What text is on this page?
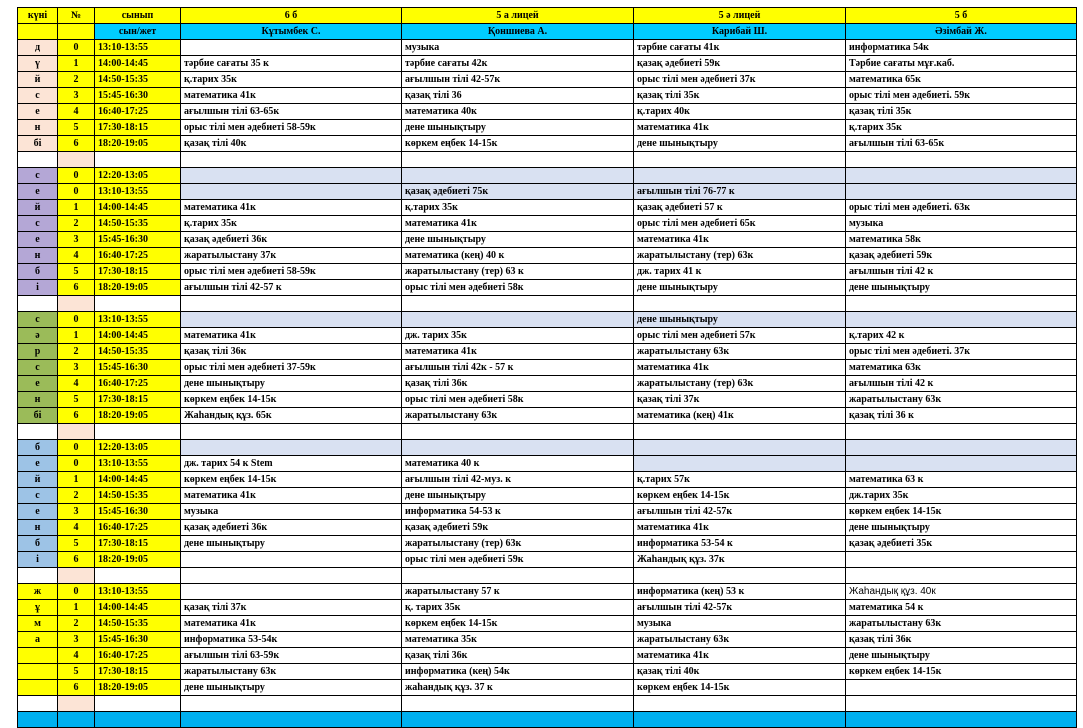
күні	№	сынып	6 б	5 а лицей	5 ә лицей	5 б
		сын/жет	Кұтымбек С.	Қоншиева А.	Карибай Ш.	Әзімбай Ж.
д	0	13:10-13:55		музыка	тәрбие сағаты 41к	информатика 54к
ү	1	14:00-14:45	тәрбие сағаты 35 к	тәрбие сағаты 42к	қазақ әдебиеті 59к	Тәрбие сағаты мұғ.каб.
й	2	14:50-15:35	қ.тарих 35к	ағылшын тілі 42-57к	орыс тілі мен әдебиеті 37к	математика 65к
с	3	15:45-16:30	математика 41к	қазақ тілі 36	қазақ тілі 35к	орыс тілі мен әдебиеті. 59к
е	4	16:40-17:25	ағылшын тілі 63-65к	математика 40к	қ.тарих 40к	қазақ тілі 35к
н	5	17:30-18:15	орыс тілі мен әдебиеті 58-59к	дене шынықтыру	математика 41к	қ.тарих 35к
бі	6	18:20-19:05	қазақ тілі 40к	көркем еңбек 14-15к	дене шынықтыру	ағылшын тілі 63-65к

с	0	12:20-13:05				
е	0	13:10-13:55		қазақ әдебиеті 75к	ағылшын тілі 76-77 к	
й	1	14:00-14:45	математика 41к	қ.тарих 35к	қазақ әдебиеті 57 к	орыс тілі мен әдебиеті. 63к
с	2	14:50-15:35	қ.тарих 35к	математика 41к	орыс тілі мен әдебиеті 65к	музыка
е	3	15:45-16:30	қазақ әдебиеті 36к	дене шынықтыру	математика 41к	математика 58к
н	4	16:40-17:25	жаратылыстану 37к	математика (кең) 40 к	жаратылыстану (тер) 63к	қазақ әдебиеті 59к
б	5	17:30-18:15	орыс тілі мен әдебиеті 58-59к	жаратылыстану (тер) 63 к	дж. тарих 41 к	ағылшын тілі 42 к
і	6	18:20-19:05	ағылшын тілі 42-57 к	орыс тілі мен әдебиеті 58к	дене шынықтыру	дене шынықтыру

с	0	13:10-13:55			дене шынықтыру	
ә	1	14:00-14:45	математика 41к	дж. тарих 35к	орыс тілі мен әдебиеті 57к	қ.тарих 42 к
р	2	14:50-15:35	қазақ тілі 36к	математика 41к	жаратылыстану 63к	орыс тілі мен әдебиеті. 37к
с	3	15:45-16:30	орыс тілі мен әдебиеті 37-59к	ағылшын тілі 42к - 57 к	математика 41к	математика 63к
е	4	16:40-17:25	дене шынықтыру	қазақ тілі 36к	жаратылыстану (тер) 63к	ағылшын тілі 42 к
н	5	17:30-18:15	көркем еңбек 14-15к	орыс тілі мен әдебиеті 58к	қазақ тілі 37к	жаратылыстану 63к
бі	6	18:20-19:05	Жаһандық құз. 65к	жаратылыстану 63к	математика (кең) 41к	қазақ тілі 36 к

б	0	12:20-13:05				
е	0	13:10-13:55	дж. тарих 54 к Stem	математика 40 к		
й	1	14:00-14:45	көркем еңбек 14-15к	ағылшын тілі 42-муз. к	қ.тарих 57к	математика 63 к
с	2	14:50-15:35	математика 41к	дене шынықтыру	көркем еңбек 14-15к	дж.тарих 35к
е	3	15:45-16:30	музыка	информатика 54-53 к	ағылшын тілі 42-57к	көркем еңбек 14-15к
н	4	16:40-17:25	қазақ әдебиеті 36к	қазақ әдебиеті 59к	математика 41к	дене шынықтыру
б	5	17:30-18:15	дене шынықтыру	жаратылыстану (тер) 63к	информатика 53-54 к	қазақ әдебиеті 35к
і	6	18:20-19:05		орыс тілі мен әдебиеті 59к	Жаһандық құз. 37к	

ж	0	13:10-13:55		жаратылыстану 57 к	информатика (кең) 53 к	Жаһандық құз. 40к
ұ	1	14:00-14:45	қазақ тілі 37к	қ. тарих 35к	ағылшын тілі 42-57к	математика 54 к
м	2	14:50-15:35	математика 41к	көркем еңбек 14-15к	музыка	жаратылыстану 63к
а	3	15:45-16:30	информатика 53-54к	математика 35к	жаратылыстану 63к	қазақ тілі 36к
	4	16:40-17:25	ағылшын тілі 63-59к	қазақ тілі 36к	математика 41к	дене шынықтыру
	5	17:30-18:15	жаратылыстану 63к	информатика (кең) 54к	қазақ тілі 40к	көркем еңбек 14-15к
	6	18:20-19:05	дене шынықтыру	жаһандық құз. 37 к	көркем еңбек 14-15к	
